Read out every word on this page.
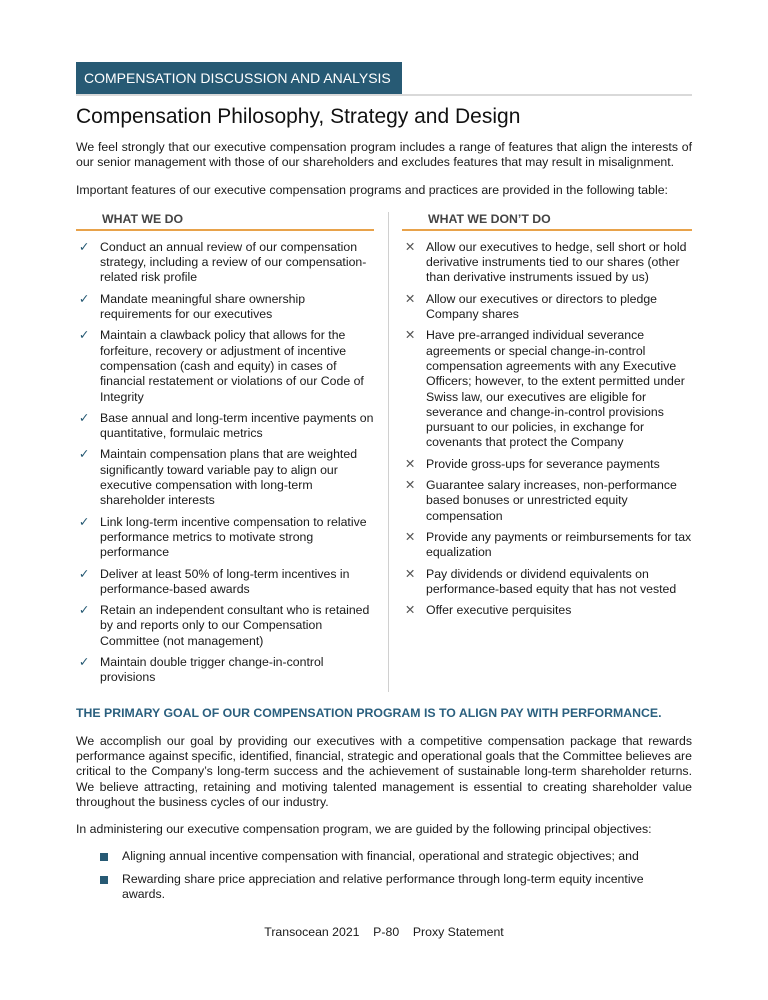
COMPENSATION DISCUSSION AND ANALYSIS
Compensation Philosophy, Strategy and Design

We feel strongly that our executive compensation program includes a range of features that align the interests of our senior management with those of our shareholders and excludes features that may result in misalignment.

Important features of our executive compensation programs and practices are provided in the following table:

WHAT WE DO
✓ Conduct an annual review of our compensation strategy, including a review of our compensation-related risk profile
✓ Mandate meaningful share ownership requirements for our executives
✓ Maintain a clawback policy that allows for the forfeiture, recovery or adjustment of incentive compensation (cash and equity) in cases of financial restatement or violations of our Code of Integrity
✓ Base annual and long-term incentive payments on quantitative, formulaic metrics
✓ Maintain compensation plans that are weighted significantly toward variable pay to align our executive compensation with long-term shareholder interests
✓ Link long-term incentive compensation to relative performance metrics to motivate strong performance
✓ Deliver at least 50% of long-term incentives in performance-based awards
✓ Retain an independent consultant who is retained by and reports only to our Compensation Committee (not management)
✓ Maintain double trigger change-in-control provisions
WHAT WE DON’T DO
✕ Allow our executives to hedge, sell short or hold derivative instruments tied to our shares (other than derivative instruments issued by us)
✕ Allow our executives or directors to pledge Company shares
✕ Have pre-arranged individual severance agreements or special change-in-control compensation agreements with any Executive Officers; however, to the extent permitted under Swiss law, our executives are eligible for severance and change-in-control provisions pursuant to our policies, in exchange for covenants that protect the Company
✕ Provide gross-ups for severance payments
✕ Guarantee salary increases, non-performance based bonuses or unrestricted equity compensation
✕ Provide any payments or reimbursements for tax equalization
✕ Pay dividends or dividend equivalents on performance-based equity that has not vested
✕ Offer executive perquisites

THE PRIMARY GOAL OF OUR COMPENSATION PROGRAM IS TO ALIGN PAY WITH PERFORMANCE.

We accomplish our goal by providing our executives with a competitive compensation package that rewards performance against specific, identified, financial, strategic and operational goals that the Committee believes are critical to the Company’s long-term success and the achievement of sustainable long-term shareholder returns. We believe attracting, retaining and motiving talented management is essential to creating shareholder value throughout the business cycles of our industry.

In administering our executive compensation program, we are guided by the following principal objectives:

Aligning annual incentive compensation with financial, operational and strategic objectives; and
Rewarding share price appreciation and relative performance through long-term equity incentive awards.
Transocean 2021    P-80    Proxy Statement
